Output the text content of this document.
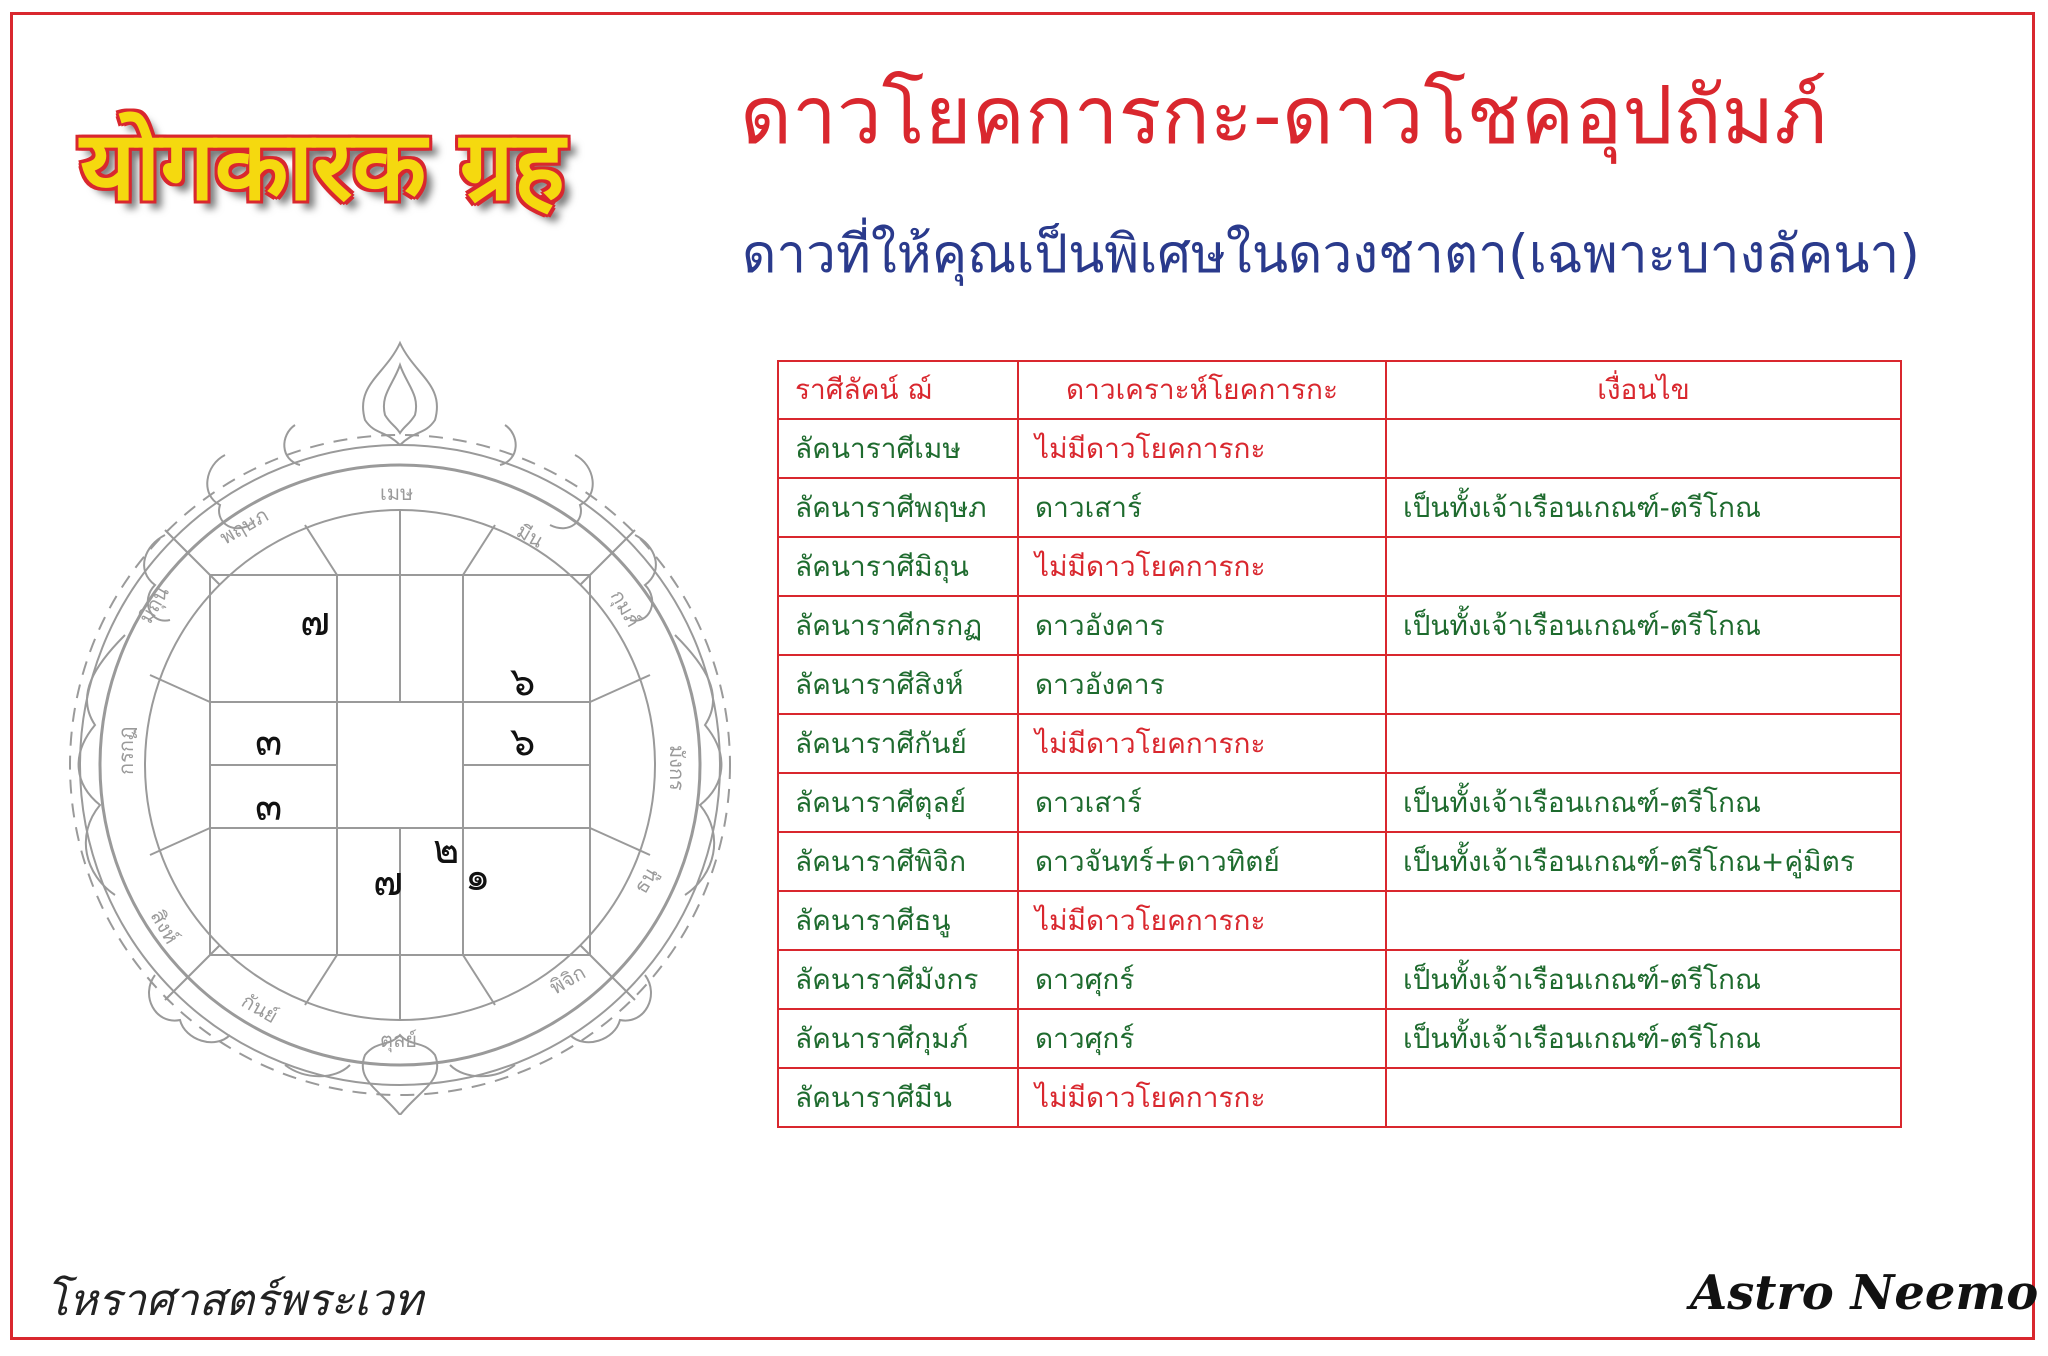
योगकारक ग्रह ดาวโยคการกะ-ดาวโชคอุปถัมภ์
ดาวที่ให้คุณเป็นพิเศษในดวงชาตา(เฉพาะบางลัคนา)
เมษ
มีน
กุมภ์
มังกร
ธนู
พิจิก
ตุลย์
กันย์
สิงห์
กรกฏ
มิถุน
พฤษภ
๗
๖
๖
๓
๓
๗
๒
๑
ราศีลัคน์ ฌ์	ดาวเคราะห์โยคการกะ	เงื่อนไข
ลัคนาราศีเมษ	ไม่มีดาวโยคการกะ	
ลัคนาราศีพฤษภ	ดาวเสาร์	เป็นทั้งเจ้าเรือนเกณฑ์-ตรีโกณ
ลัคนาราศีมิถุน	ไม่มีดาวโยคการกะ	
ลัคนาราศีกรกฏ	ดาวอังคาร	เป็นทั้งเจ้าเรือนเกณฑ์-ตรีโกณ
ลัคนาราศีสิงห์	ดาวอังคาร	
ลัคนาราศีกันย์	ไม่มีดาวโยคการกะ	
ลัคนาราศีตุลย์	ดาวเสาร์	เป็นทั้งเจ้าเรือนเกณฑ์-ตรีโกณ
ลัคนาราศีพิจิก	ดาวจันทร์+ดาวทิตย์	เป็นทั้งเจ้าเรือนเกณฑ์-ตรีโกณ+คู่มิตร
ลัคนาราศีธนู	ไม่มีดาวโยคการกะ	
ลัคนาราศีมังกร	ดาวศุกร์	เป็นทั้งเจ้าเรือนเกณฑ์-ตรีโกณ
ลัคนาราศีกุมภ์	ดาวศุกร์	เป็นทั้งเจ้าเรือนเกณฑ์-ตรีโกณ
ลัคนาราศีมีน	ไม่มีดาวโยคการกะ	
โหราศาสตร์พระเวท	Astro Neemo
